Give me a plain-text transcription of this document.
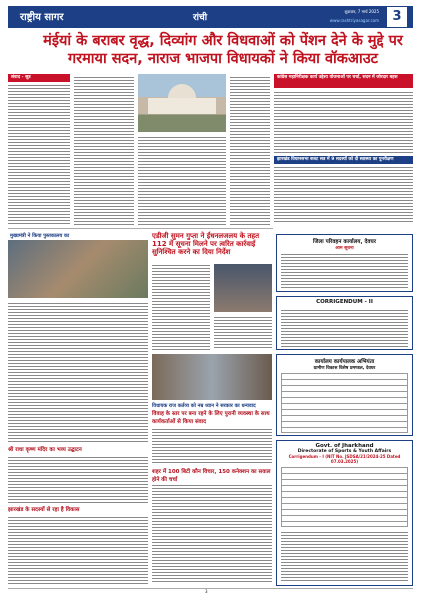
राष्ट्रीय सागर	रांची
शुक्रवार, 7 मार्च 2025
www.rashtriyasagar.com	3
मंईयां के बराबर वृद्ध, दिव्यांग और विधवाओं को पेंशन देने के मुद्दे पर गरमाया सदन, नाराज भाजपा विधायकों ने किया वॉकआउट
संवाद - सूत्र	कांग्रेस महानिरीक्षक कार्य उद्देश्य योजनाओं पर चर्चा, सदन में जोरदार बहस
झारखंड विधानसभा बजट सत्र में 9 सदस्यों को दी स्वास्थ्य का पुनरीक्षण
मुख्यमंत्री ने किया पुस्तकालय का	एडीजी सुमन गुप्ता ने ईंधनलजलय के तहत 112 में सूचना मिलने पर त्वरित कार्रवाई सुनिश्चित करने का दिया निर्देश
श्री राधा कृष्ण मंदिर का भव्य उद्घाटन
झारखंड के सदस्यों से रहा है विकास
विधायक राज कर्तव्य को नम्र ध्यान ने सरकार का धन्यवाद
विवाह के स्तर पर बना रहने के लिए पुरानी व्यवस्था के साथ कार्यकर्ताओं से किया संवाद
शहर में 100 बिटी कौन विचार, 150 कनेक्शन का सवाल होने की चर्चा
जिला परिवहन कार्यालय, देवघर
आम सूचना
CORRIGENDUM - II
कार्यालय कार्यपालक अभियंता
ग्रामीण विकास विशेष प्रमण्डल, देवघर
Govt. of Jharkhand
Directorate of Sports & Youth Affairs
Corrigendum - I (NIT No. JSDSA/21/2024-25 Dated 07.03.2025)
3
